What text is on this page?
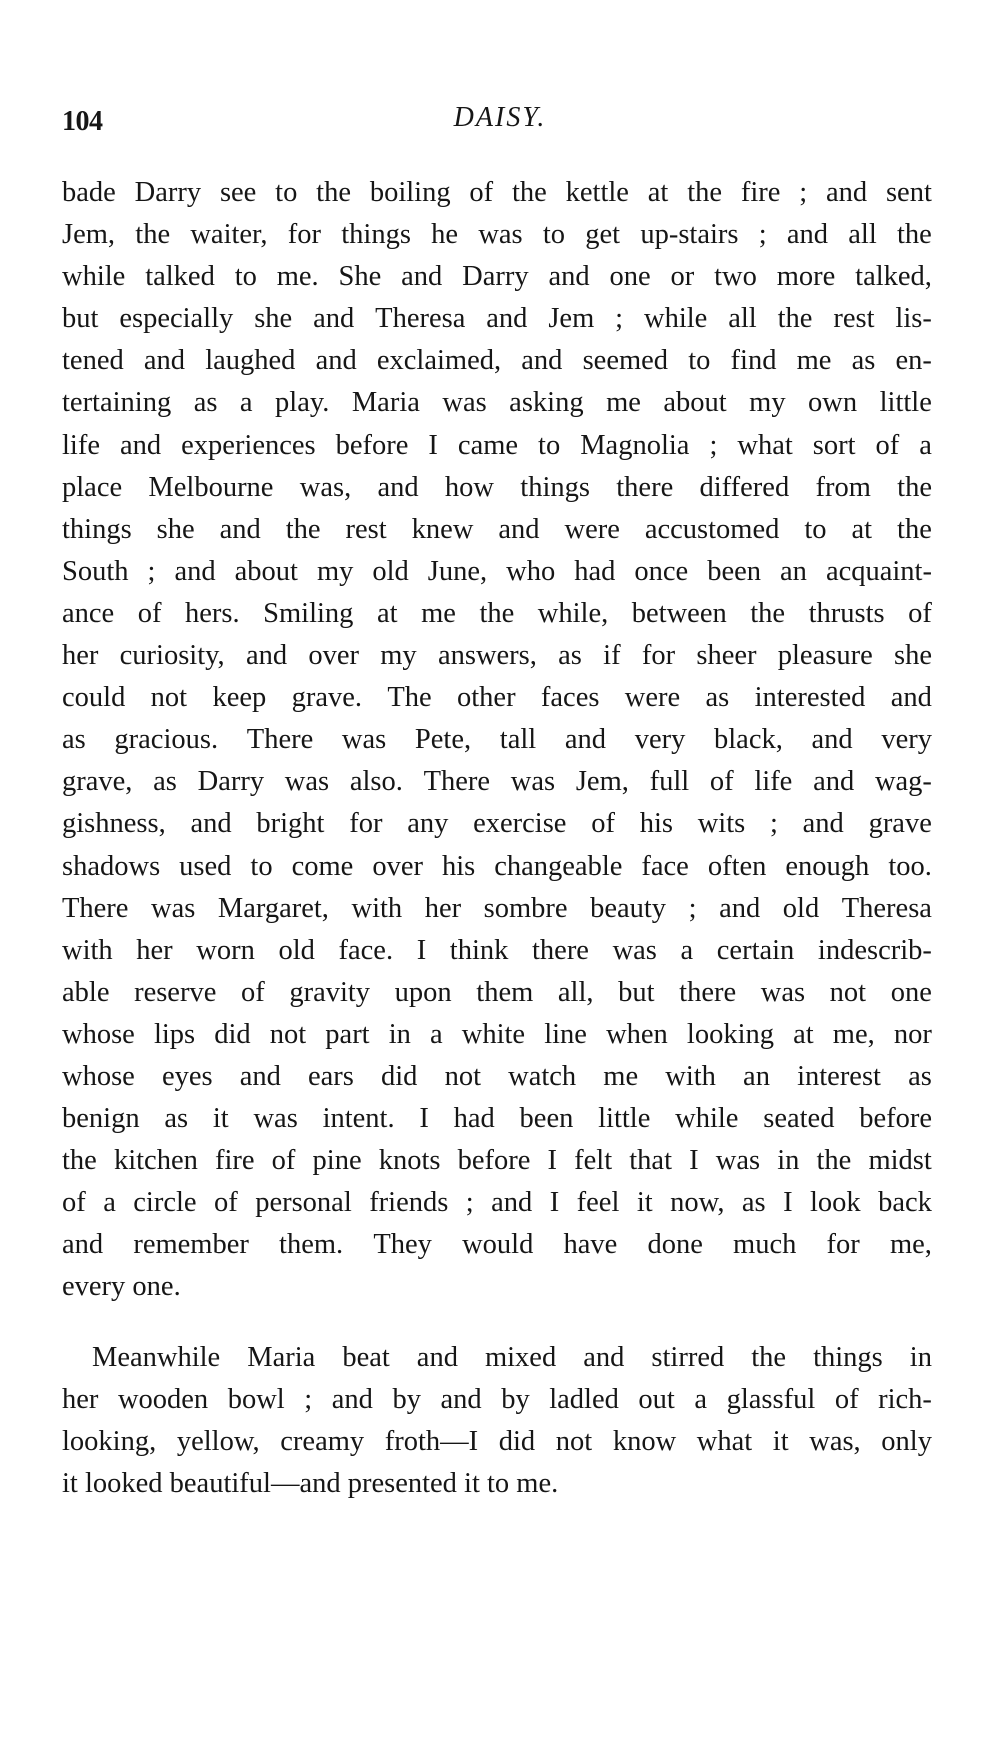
104	DAISY.
bade Darry see to the boiling of the kettle at the fire ; and sent
Jem, the waiter, for things he was to get up-stairs ; and all the
while talked to me. She and Darry and one or two more talked,
but especially she and Theresa and Jem ; while all the rest lis-
tened and laughed and exclaimed, and seemed to find me as en-
tertaining as a play. Maria was asking me about my own little
life and experiences before I came to Magnolia ; what sort of a
place Melbourne was, and how things there differed from the
things she and the rest knew and were accustomed to at the
South ; and about my old June, who had once been an acquaint-
ance of hers. Smiling at me the while, between the thrusts of
her curiosity, and over my answers, as if for sheer pleasure she
could not keep grave. The other faces were as interested and
as gracious. There was Pete, tall and very black, and very
grave, as Darry was also. There was Jem, full of life and wag-
gishness, and bright for any exercise of his wits ; and grave
shadows used to come over his changeable face often enough too.
There was Margaret, with her sombre beauty ; and old Theresa
with her worn old face. I think there was a certain indescrib-
able reserve of gravity upon them all, but there was not one
whose lips did not part in a white line when looking at me, nor
whose eyes and ears did not watch me with an interest as
benign as it was intent. I had been little while seated before
the kitchen fire of pine knots before I felt that I was in the midst
of a circle of personal friends ; and I feel it now, as I look back
and remember them. They would have done much for me,
every one.
Meanwhile Maria beat and mixed and stirred the things in
her wooden bowl ; and by and by ladled out a glassful of rich-
looking, yellow, creamy froth—I did not know what it was, only
it looked beautiful—and presented it to me.
